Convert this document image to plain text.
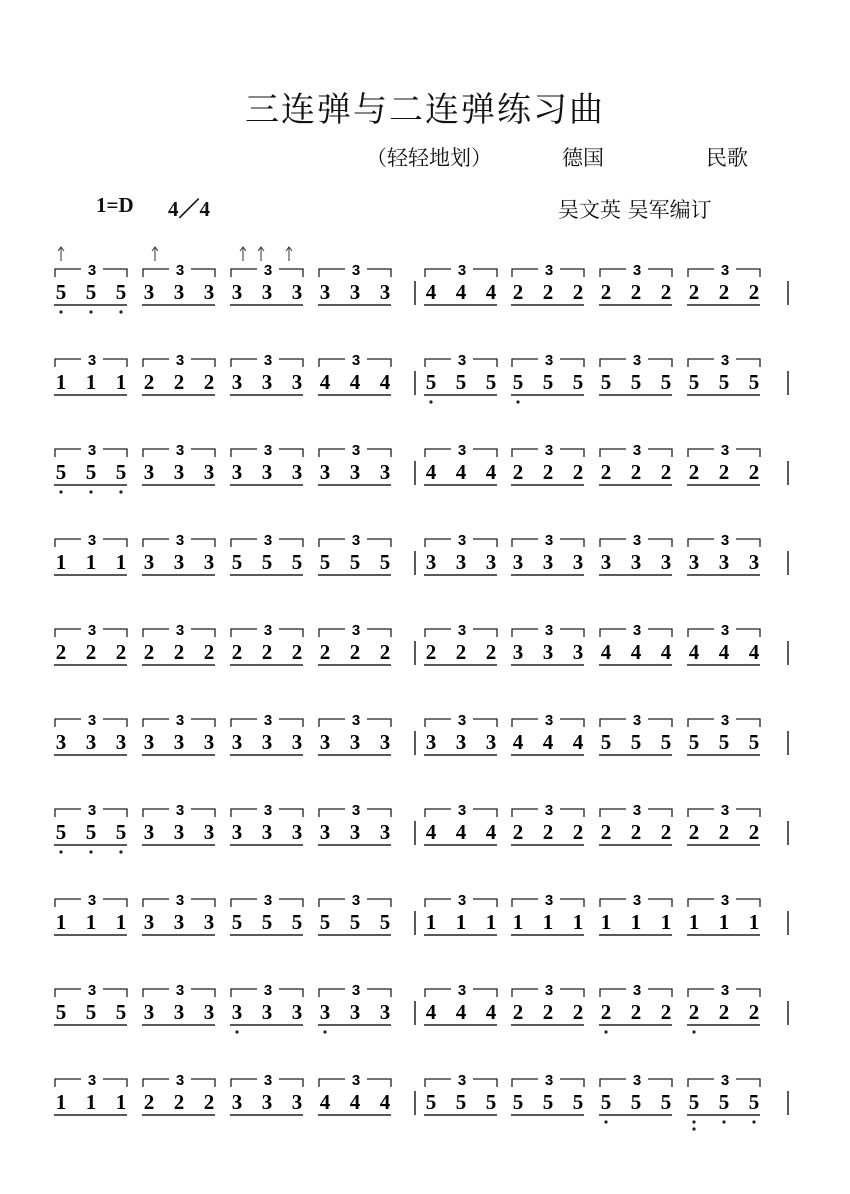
三连弹与二连弹练习曲
（轻轻地划）	德国	民歌
1=D 4／4	吴文英 吴军编订
3
5 5 5
3
3 3 3
3
3 3 3
3
3 3 3
3
4 4 4
3
2 2 2
3
2 2 2
3
2 2 2
3
1 1 1
3
2 2 2
3
3 3 3
3
4 4 4
3
5 5 5
3
5 5 5
3
5 5 5
3
5 5 5
3
5 5 5
3
3 3 3
3
3 3 3
3
3 3 3
3
4 4 4
3
2 2 2
3
2 2 2
3
2 2 2
3
1 1 1
3
3 3 3
3
5 5 5
3
5 5 5
3
3 3 3
3
3 3 3
3
3 3 3
3
3 3 3
3
2 2 2
3
2 2 2
3
2 2 2
3
2 2 2
3
2 2 2
3
3 3 3
3
4 4 4
3
4 4 4
3
3 3 3
3
3 3 3
3
3 3 3
3
3 3 3
3
3 3 3
3
4 4 4
3
5 5 5
3
5 5 5
3
5 5 5
3
3 3 3
3
3 3 3
3
3 3 3
3
4 4 4
3
2 2 2
3
2 2 2
3
2 2 2
3
1 1 1
3
3 3 3
3
5 5 5
3
5 5 5
3
1 1 1
3
1 1 1
3
1 1 1
3
1 1 1
3
5 5 5
3
3 3 3
3
3 3 3
3
3 3 3
3
4 4 4
3
2 2 2
3
2 2 2
3
2 2 2
3
1 1 1
3
2 2 2
3
3 3 3
3
4 4 4
3
5 5 5
3
5 5 5
3
5 5 5
3
5 5 5
